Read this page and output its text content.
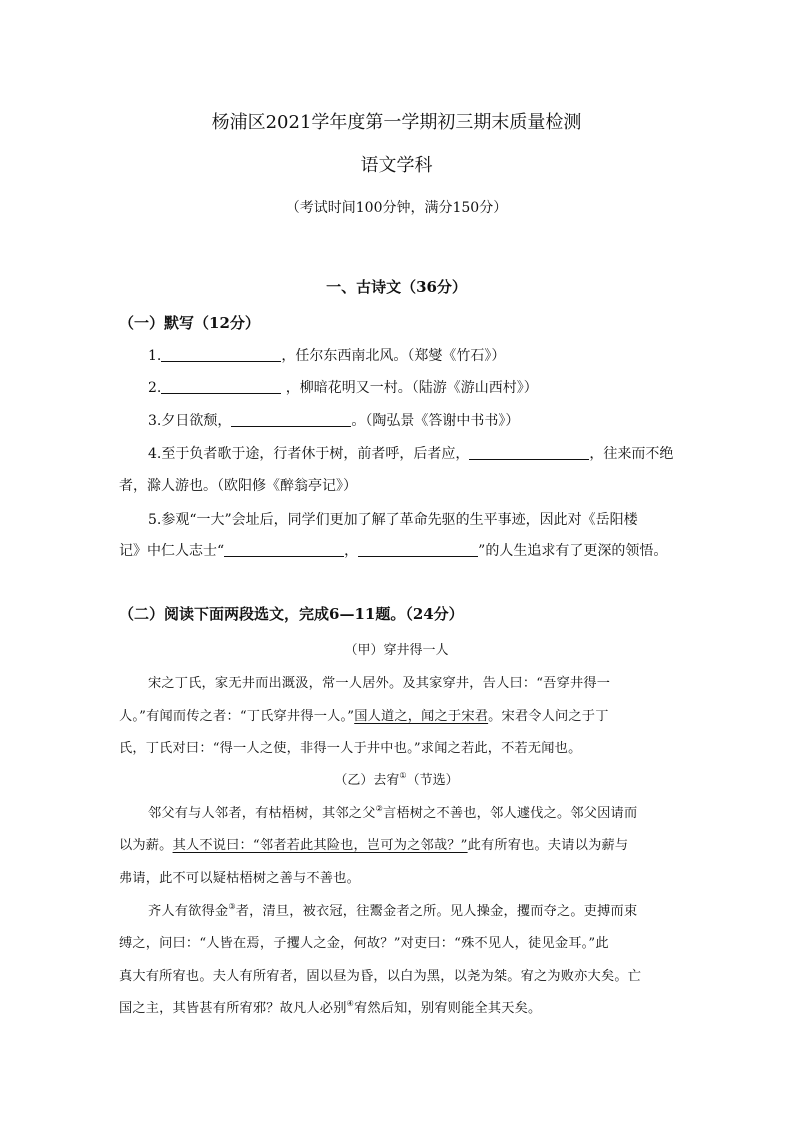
杨浦区2021学年度第一学期初三期末质量检测
语文学科
（考试时间100分钟，满分150分）
一、古诗文（36分）
（一）默写（12分）
1.	，任尔东西南北风。（郑燮《竹石》）
2.	，柳暗花明又一村。（陆游《游山西村》）
3.夕日欲颓，	。（陶弘景《答谢中书书》）
4.至于负者歌于途，行者休于树，前者呼，后者应，	，往来而不绝
者，滁人游也。（欧阳修《醉翁亭记》）
5.参观“一大”会址后，同学们更加了解了革命先驱的生平事迹，因此对《岳阳楼
记》中仁人志士“	，	”的人生追求有了更深的领悟。
（二）阅读下面两段选文，完成6—11题。（24分）
（甲）穿井得一人
宋之丁氏，家无井而出溉汲，常一人居外。及其家穿井，告人曰：“吾穿井得一
人。”有闻而传之者：“丁氏穿井得一人。”国人道之，闻之于宋君。宋君令人问之于丁
氏，丁氏对曰：“得一人之使，非得一人于井中也。”求闻之若此，不若无闻也。
（乙）去宥①（节选）
邻父有与人邻者，有枯梧树，其邻之父②言梧树之不善也，邻人遽伐之。邻父因请而
以为薪。其人不说曰：“邻者若此其险也，岂可为之邻哉？”此有所宥也。夫请以为薪与
弗请，此不可以疑枯梧树之善与不善也。
齐人有欲得金③者，清旦，被衣冠，往鬻金者之所。见人操金，攫而夺之。吏搏而束
缚之，问曰：“人皆在焉，子攫人之金，何故？”对吏曰：“殊不见人，徒见金耳。”此
真大有所宥也。夫人有所宥者，固以昼为昏，以白为黑，以尧为桀。宥之为败亦大矣。亡
国之主，其皆甚有所宥邪？故凡人必别④宥然后知，别宥则能全其天矣。
